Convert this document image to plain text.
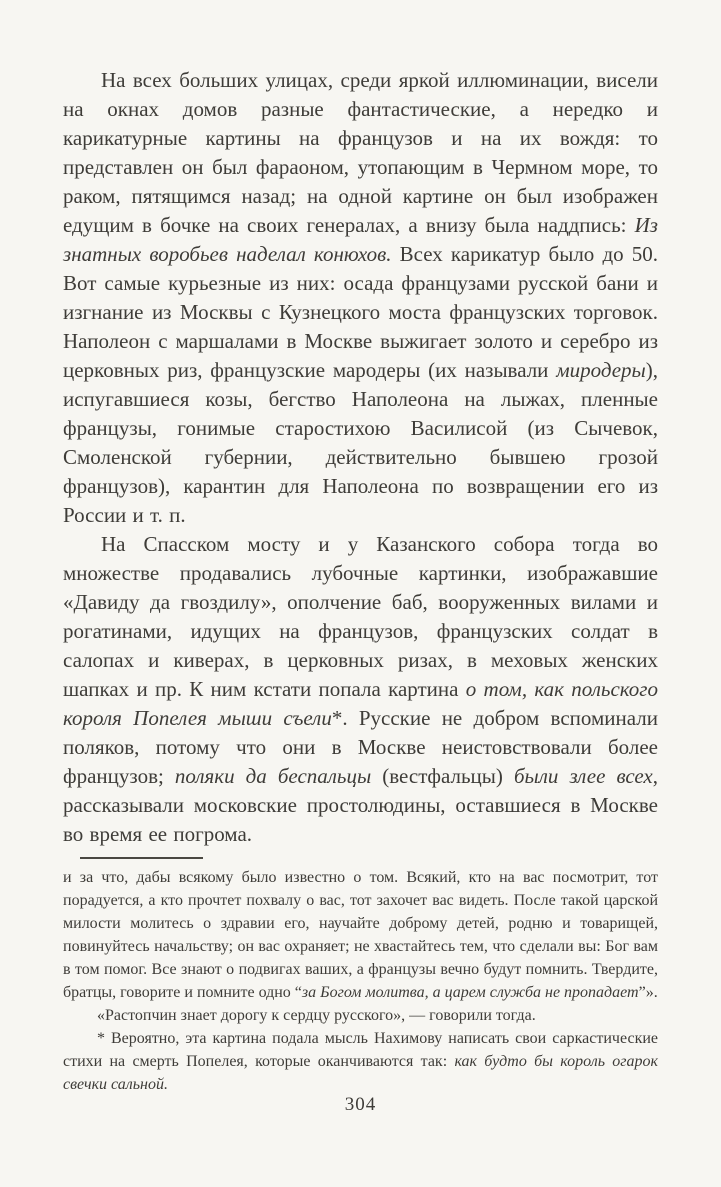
На всех больших улицах, среди яркой иллюминации, висели на окнах домов разные фантастические, а нередко и карикатурные картины на французов и на их вождя: то представлен он был фараоном, утопающим в Чермном море, то раком, пятящимся назад; на одной картине он был изображен едущим в бочке на своих генералах, а внизу была наддпись: Из знатных воробьев наделал конюхов. Всех карикатур было до 50. Вот самые курьезные из них: осада французами русской бани и изгнание из Москвы с Кузнецкого моста французских торговок. Наполеон с маршалами в Москве выжигает золото и серебро из церковных риз, французские мародеры (их называли миродеры), испугавшиеся козы, бегство Наполеона на лыжах, пленные французы, гонимые старостихою Василисой (из Сычевок, Смоленской губернии, действительно бывшею грозой французов), карантин для Наполеона по возвращении его из России и т. п.

На Спасском мосту и у Казанского собора тогда во множестве продавались лубочные картинки, изображавшие «Давиду да гвоздилу», ополчение баб, вооруженных вилами и рогатинами, идущих на французов, французских солдат в салопах и киверах, в церковных ризах, в меховых женских шапках и пр. К ним кстати попала картина о том, как польского короля Попелея мыши съели*. Русские не добром вспоминали поляков, потому что они в Москве неистовствовали более французов; поляки да беспальцы (вестфальцы) были злее всех, рассказывали московские простолюдины, оставшиеся в Москве во время ее погрома.

и за что, дабы всякому было известно о том. Всякий, кто на вас посмотрит, тот порадуется, а кто прочтет похвалу о вас, тот захочет вас видеть. После такой царской милости молитесь о здравии его, научайте доброму детей, родню и товарищей, повинуйтесь начальству; он вас охраняет; не хвастайтесь тем, что сделали вы: Бог вам в том помог. Все знают о подвигах ваших, а французы вечно будут помнить. Твердите, братцы, говорите и помните одно “за Богом молитва, а царем служба не пропадает”».

«Растопчин знает дорогу к сердцу русского», — говорили тогда.

* Вероятно, эта картина подала мысль Нахимову написать свои саркастические стихи на смерть Попелея, которые оканчиваются так: как будто бы король огарок свечки сальной.

304
